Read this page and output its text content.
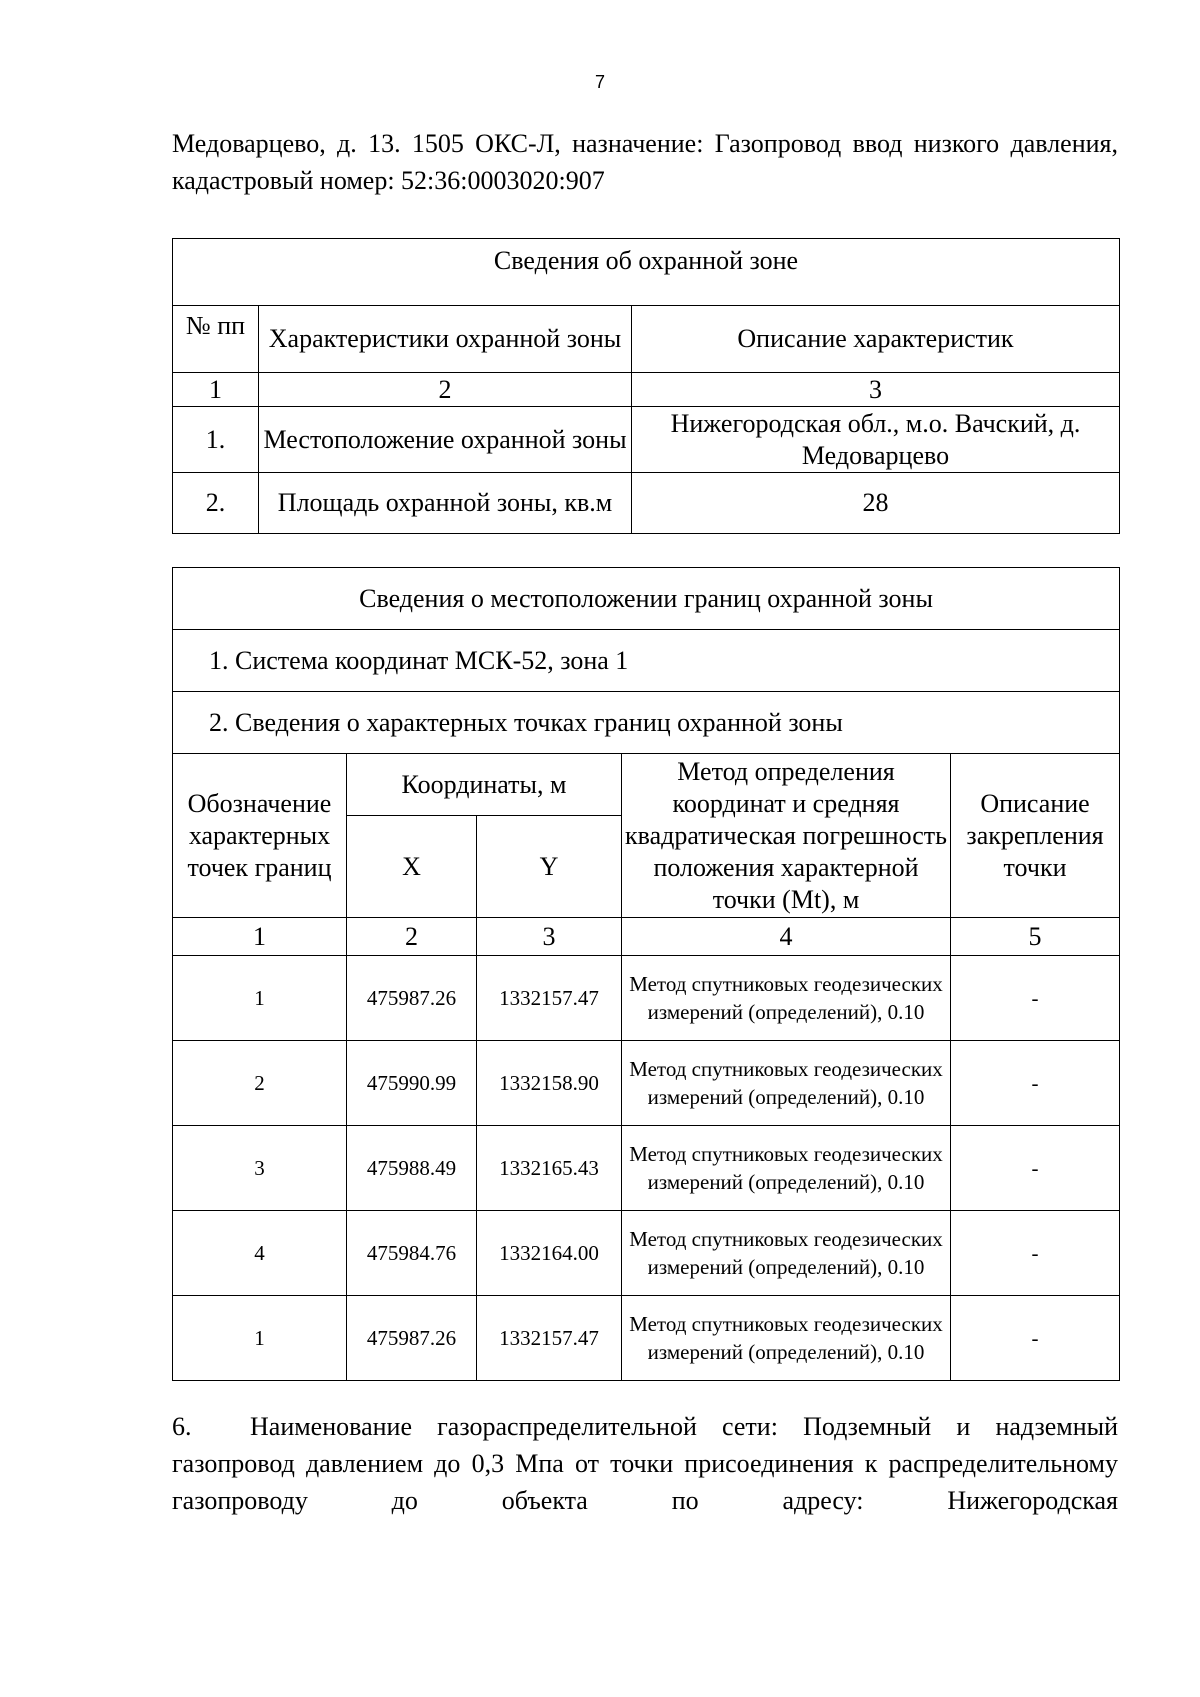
7
Медоварцево, д. 13. 1505 ОКС-Л, назначение: Газопровод ввод низкого давления, кадастровый номер: 52:36:0003020:907
Сведения об охранной зоне		
№ пп	Характеристики охранной зоны	Описание характеристик
1	2	3
1.	Местоположение охранной зоны	Нижегородская обл., м.о. Вачский, д. Медоварцево
2.	Площадь охранной зоны, кв.м	28
Сведения о местоположении границ охранной зоны				
1. Система координат МСК-52, зона 1				
2. Сведения о характерных точках границ охранной зоны				
Обозначение характерных точек границ	Координаты, м		Метод определения координат и средняя квадратическая погрешность положения характерной точки (Mt), м	Описание закрепления точки
	X	Y		
1	2	3	4	5
1	475987.26	1332157.47	Метод спутниковых геодезических измерений (определений), 0.10	-
2	475990.99	1332158.90	Метод спутниковых геодезических измерений (определений), 0.10	-
3	475988.49	1332165.43	Метод спутниковых геодезических измерений (определений), 0.10	-
4	475984.76	1332164.00	Метод спутниковых геодезических измерений (определений), 0.10	-
1	475987.26	1332157.47	Метод спутниковых геодезических измерений (определений), 0.10	-
6. Наименование газораспределительной сети: Подземный и надземный газопровод давлением до 0,3 Мпа от точки присоединения к распределительному газопроводу до объекта по адресу: Нижегородская
